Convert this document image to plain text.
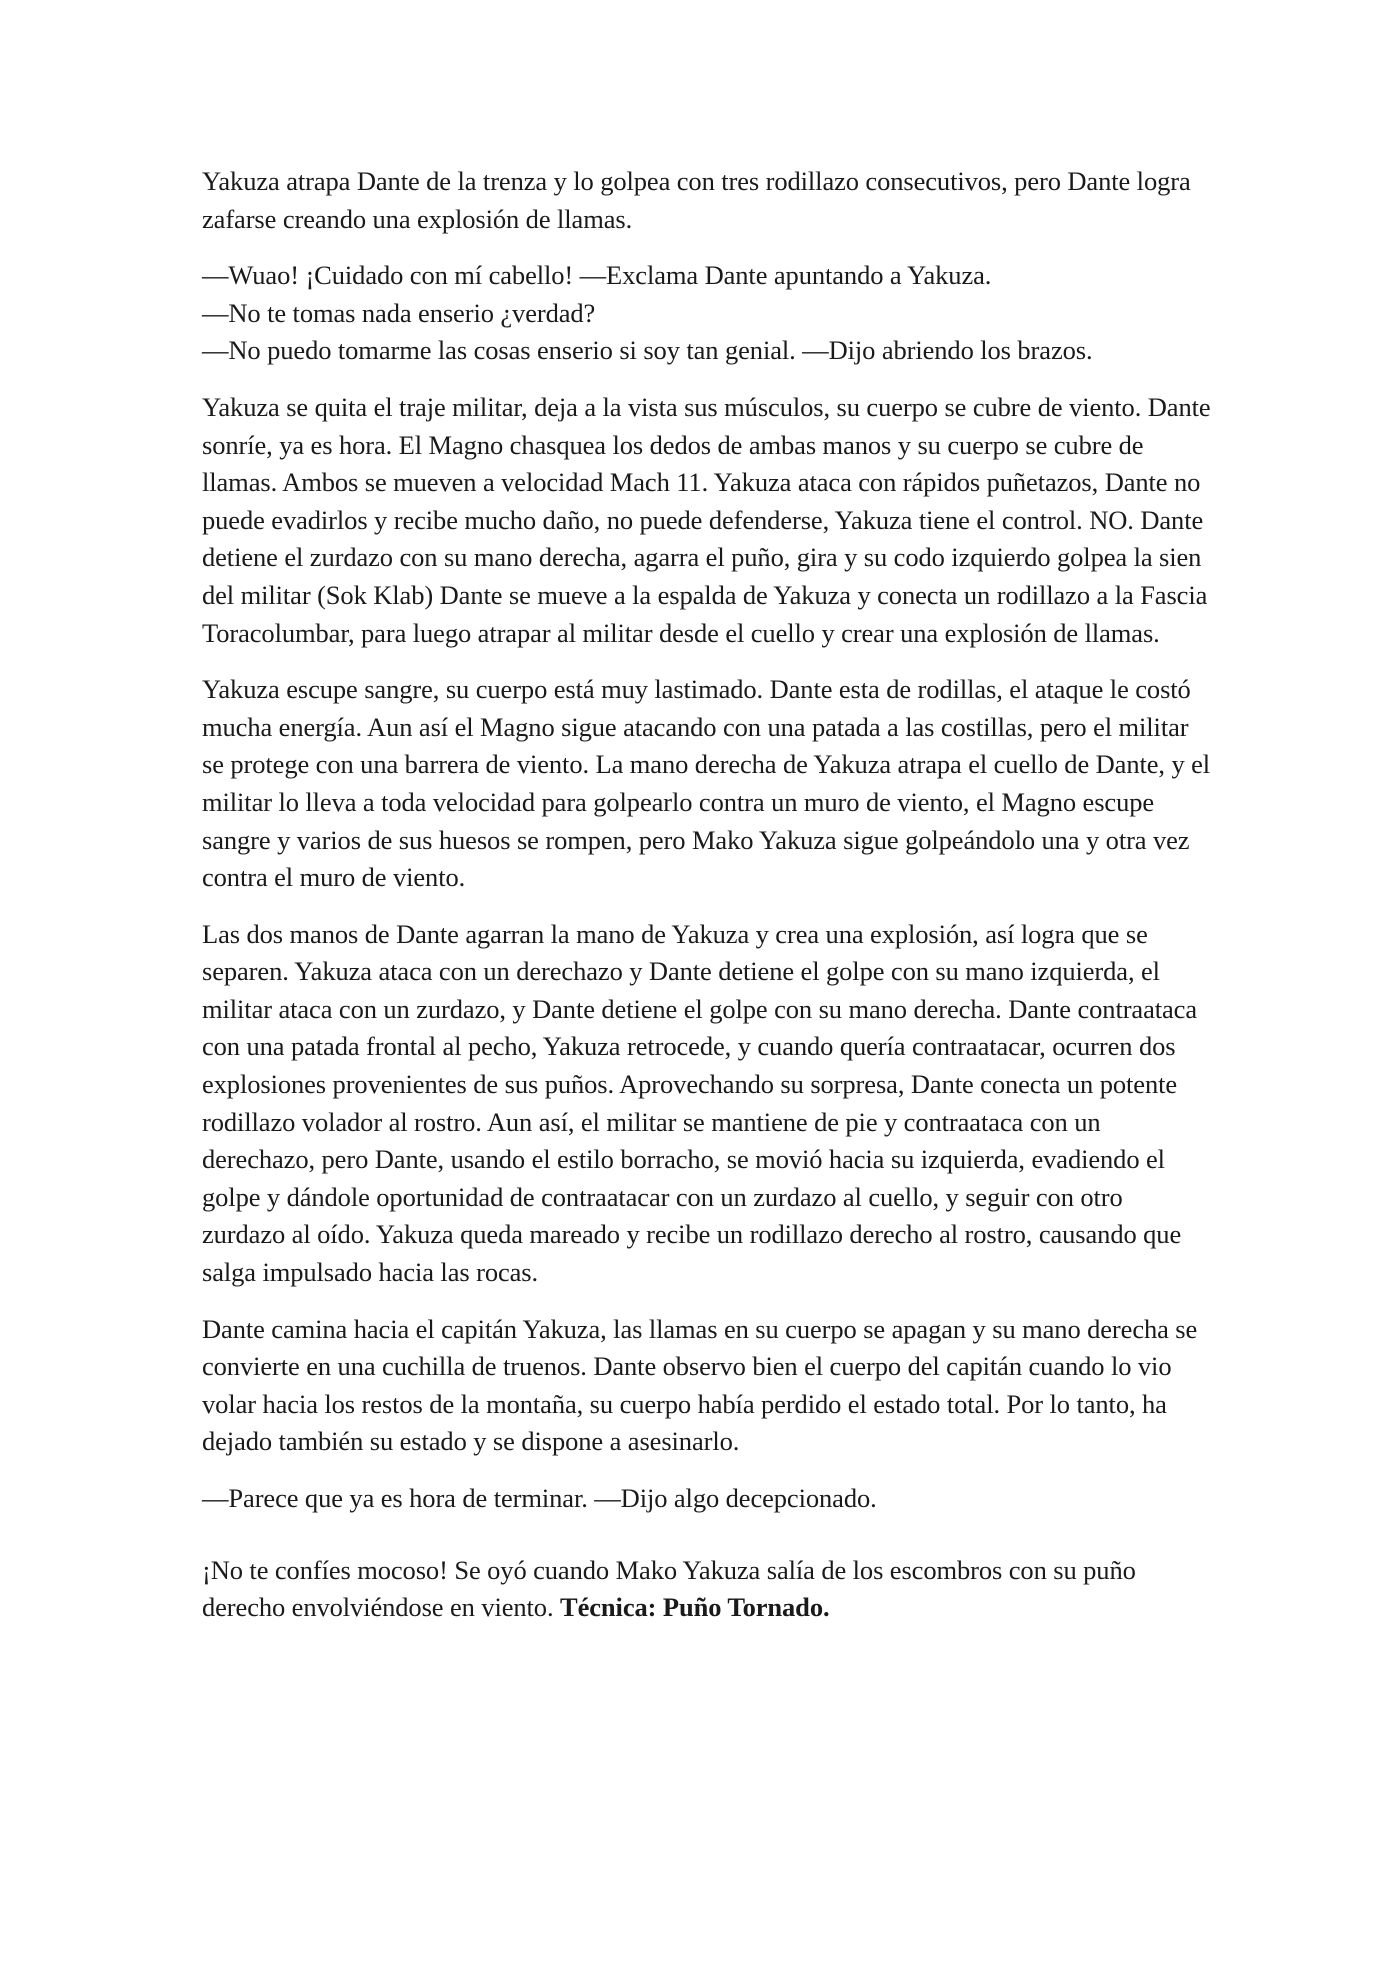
Yakuza atrapa Dante de la trenza y lo golpea con tres rodillazo consecutivos, pero Dante logra zafarse creando una explosión de llamas.

—Wuao! ¡Cuidado con mí cabello! —Exclama Dante apuntando a Yakuza.

—No te tomas nada enserio ¿verdad?

—No puedo tomarme las cosas enserio si soy tan genial. —Dijo abriendo los brazos.

Yakuza se quita el traje militar, deja a la vista sus músculos, su cuerpo se cubre de viento. Dante sonríe, ya es hora. El Magno chasquea los dedos de ambas manos y su cuerpo se cubre de llamas. Ambos se mueven a velocidad Mach 11. Yakuza ataca con rápidos puñetazos, Dante no puede evadirlos y recibe mucho daño, no puede defenderse, Yakuza tiene el control. NO. Dante detiene el zurdazo con su mano derecha, agarra el puño, gira y su codo izquierdo golpea la sien del militar (Sok Klab) Dante se mueve a la espalda de Yakuza y conecta un rodillazo a la Fascia Toracolumbar, para luego atrapar al militar desde el cuello y crear una explosión de llamas.

Yakuza escupe sangre, su cuerpo está muy lastimado. Dante esta de rodillas, el ataque le costó mucha energía. Aun así el Magno sigue atacando con una patada a las costillas, pero el militar se protege con una barrera de viento. La mano derecha de Yakuza atrapa el cuello de Dante, y el militar lo lleva a toda velocidad para golpearlo contra un muro de viento, el Magno escupe sangre y varios de sus huesos se rompen, pero Mako Yakuza sigue golpeándolo una y otra vez contra el muro de viento.

Las dos manos de Dante agarran la mano de Yakuza y crea una explosión, así logra que se separen. Yakuza ataca con un derechazo y Dante detiene el golpe con su mano izquierda, el militar ataca con un zurdazo, y Dante detiene el golpe con su mano derecha. Dante contraataca con una patada frontal al pecho, Yakuza retrocede, y cuando quería contraatacar, ocurren dos explosiones provenientes de sus puños. Aprovechando su sorpresa, Dante conecta un potente rodillazo volador al rostro. Aun así, el militar se mantiene de pie y contraataca con un derechazo, pero Dante, usando el estilo borracho, se movió hacia su izquierda, evadiendo el golpe y dándole oportunidad de contraatacar con un zurdazo al cuello, y seguir con otro zurdazo al oído. Yakuza queda mareado y recibe un rodillazo derecho al rostro, causando que salga impulsado hacia las rocas.

Dante camina hacia el capitán Yakuza, las llamas en su cuerpo se apagan y su mano derecha se convierte en una cuchilla de truenos. Dante observo bien el cuerpo del capitán cuando lo vio volar hacia los restos de la montaña, su cuerpo había perdido el estado total. Por lo tanto, ha dejado también su estado y se dispone a asesinarlo.

—Parece que ya es hora de terminar. —Dijo algo decepcionado.

¡No te confíes mocoso! Se oyó cuando Mako Yakuza salía de los escombros con su puño derecho envolviéndose en viento. Técnica: Puño Tornado.
